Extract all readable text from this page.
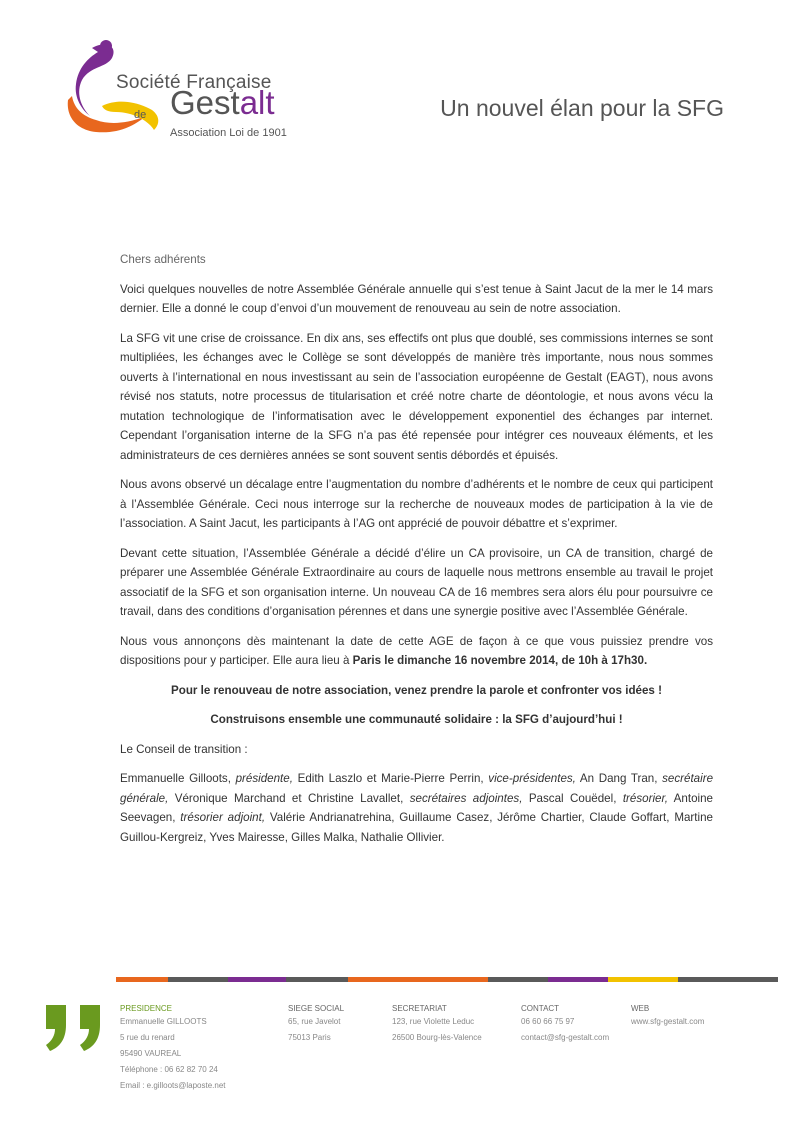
Société Française
de Gestalt
Association Loi de 1901
Un nouvel élan pour la SFG

Chers adhérents

Voici quelques nouvelles de notre Assemblée Générale annuelle qui s’est tenue à Saint Jacut de la mer le 14 mars dernier. Elle a donné le coup d’envoi d’un mouvement de renouveau au sein de notre association.

La SFG vit une crise de croissance. En dix ans, ses effectifs ont plus que doublé, ses commissions internes se sont multipliées, les échanges avec le Collège se sont développés de manière très importante, nous nous sommes ouverts à l’international en nous investissant au sein de l’association européenne de Gestalt (EAGT), nous avons révisé nos statuts, notre processus de titularisation et créé notre charte de déontologie, et nous avons vécu la mutation technologique de l’informatisation avec le développement exponentiel des échanges par internet. Cependant l’organisation interne de la SFG n’a pas été repensée pour intégrer ces nouveaux éléments, et les administrateurs de ces dernières années se sont souvent sentis débordés et épuisés.

Nous avons observé un décalage entre l’augmentation du nombre d’adhérents et le nombre de ceux qui participent à l’Assemblée Générale. Ceci nous interroge sur la recherche de nouveaux modes de participation à la vie de l’association. A Saint Jacut, les participants à l’AG ont apprécié de pouvoir débattre et s’exprimer.

Devant cette situation, l’Assemblée Générale a décidé d’élire un CA provisoire, un CA de transition, chargé de préparer une Assemblée Générale Extraordinaire au cours de laquelle nous mettrons ensemble au travail le projet associatif de la SFG et son organisation interne. Un nouveau CA de 16 membres sera alors élu pour poursuivre ce travail, dans des conditions d’organisation pérennes et dans une synergie positive avec l’Assemblée Générale.

Nous vous annonçons dès maintenant la date de cette AGE de façon à ce que vous puissiez prendre vos dispositions pour y participer. Elle aura lieu à Paris le dimanche 16 novembre 2014, de 10h à 17h30.

Pour le renouveau de notre association, venez prendre la parole et confronter vos idées !

Construisons ensemble une communauté solidaire : la SFG d’aujourd’hui !

Le Conseil de transition :

Emmanuelle Gilloots, présidente, Edith Laszlo et Marie-Pierre Perrin, vice-présidentes, An Dang Tran, secrétaire générale, Véronique Marchand et Christine Lavallet, secrétaires adjointes, Pascal Couëdel, trésorier, Antoine Seevagen, trésorier adjoint, Valérie Andrianatrehina, Guillaume Casez, Jérôme Chartier, Claude Goffart, Martine Guillou-Kergreiz, Yves Mairesse, Gilles Malka, Nathalie Ollivier.

PRESIDENCE
Emmanuelle GILLOOTS
5 rue du renard
95490 VAUREAL
Téléphone : 06 62 82 70 24
Email : e.gilloots@laposte.net
SIEGE SOCIAL
65, rue Javelot
75013 Paris
SECRETARIAT
123, rue Violette Leduc
26500 Bourg-lès-Valence
CONTACT
06 60 66 75 97
contact@sfg-gestalt.com
WEB
www.sfg-gestalt.com
